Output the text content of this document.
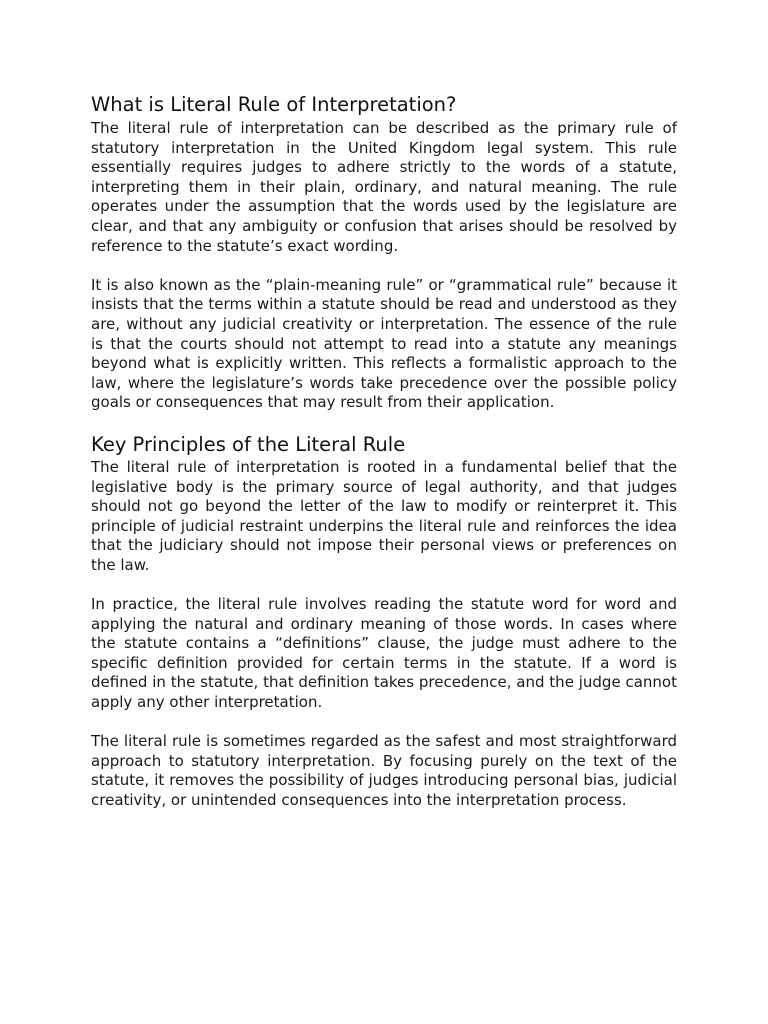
What is Literal Rule of Interpretation?

The literal rule of interpretation can be described as the primary rule of statutory interpretation in the United Kingdom legal system. This rule essentially requires judges to adhere strictly to the words of a statute, interpreting them in their plain, ordinary, and natural meaning. The rule operates under the assumption that the words used by the legislature are clear, and that any ambiguity or confusion that arises should be resolved by reference to the statute’s exact wording.

It is also known as the “plain-meaning rule” or “grammatical rule” because it insists that the terms within a statute should be read and understood as they are, without any judicial creativity or interpretation. The essence of the rule is that the courts should not attempt to read into a statute any meanings beyond what is explicitly written. This reflects a formalistic approach to the law, where the legislature’s words take precedence over the possible policy goals or consequences that may result from their application.

Key Principles of the Literal Rule

The literal rule of interpretation is rooted in a fundamental belief that the legislative body is the primary source of legal authority, and that judges should not go beyond the letter of the law to modify or reinterpret it. This principle of judicial restraint underpins the literal rule and reinforces the idea that the judiciary should not impose their personal views or preferences on the law.

In practice, the literal rule involves reading the statute word for word and applying the natural and ordinary meaning of those words. In cases where the statute contains a “definitions” clause, the judge must adhere to the specific definition provided for certain terms in the statute. If a word is defined in the statute, that definition takes precedence, and the judge cannot apply any other interpretation.

The literal rule is sometimes regarded as the safest and most straightforward approach to statutory interpretation. By focusing purely on the text of the statute, it removes the possibility of judges introducing personal bias, judicial creativity, or unintended consequences into the interpretation process.
